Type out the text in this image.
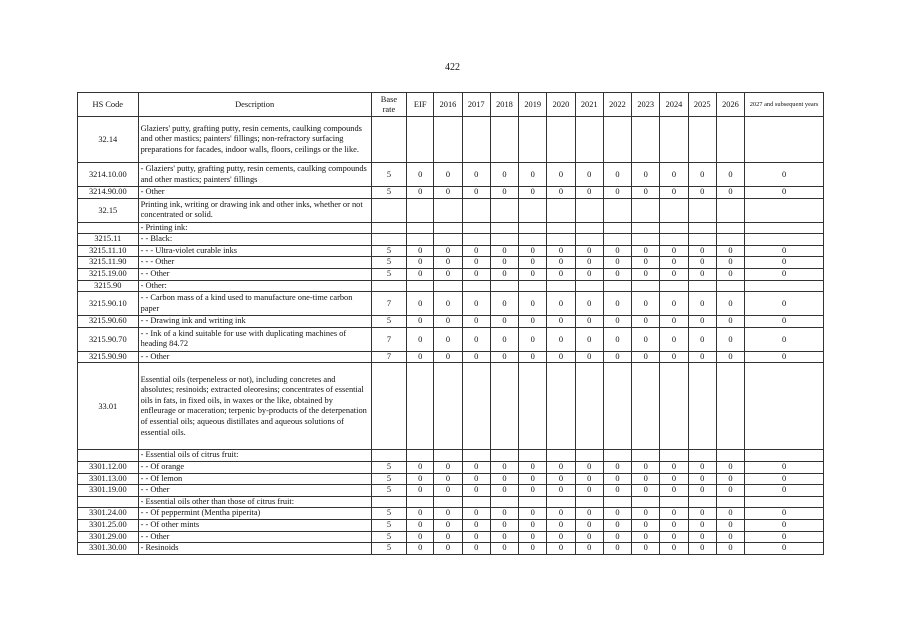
422
HS Code	Description	Base rate	EIF	2016	2017	2018	2019	2020	2021	2022	2023	2024	2025	2026	2027 and subsequent years
32.14	Glaziers' putty, grafting putty, resin cements, caulking compounds and other mastics; painters' fillings; non-refractory surfacing preparations for facades, indoor walls, floors, ceilings or the like.														
3214.10.00	- Glaziers' putty, grafting putty, resin cements, caulking compounds and other mastics; painters' fillings	5	0	0	0	0	0	0	0	0	0	0	0	0	0
3214.90.00	- Other	5	0	0	0	0	0	0	0	0	0	0	0	0	0
32.15	Printing ink, writing or drawing ink and other inks, whether or not concentrated or solid.														
	- Printing ink:														
3215.11	- - Black:														
3215.11.10	- - - Ultra-violet curable inks	5	0	0	0	0	0	0	0	0	0	0	0	0	0
3215.11.90	- - - Other	5	0	0	0	0	0	0	0	0	0	0	0	0	0
3215.19.00	- - Other	5	0	0	0	0	0	0	0	0	0	0	0	0	0
3215.90	- Other:														
3215.90.10	- - Carbon mass of a kind used to manufacture one-time carbon paper	7	0	0	0	0	0	0	0	0	0	0	0	0	0
3215.90.60	- - Drawing ink and writing ink	5	0	0	0	0	0	0	0	0	0	0	0	0	0
3215.90.70	- - Ink of a kind suitable for use with duplicating machines of heading 84.72	7	0	0	0	0	0	0	0	0	0	0	0	0	0
3215.90.90	- - Other	7	0	0	0	0	0	0	0	0	0	0	0	0	0
33.01	Essential oils (terpeneless or not), including concretes and absolutes; resinoids; extracted oleoresins; concentrates of essential oils in fats, in fixed oils, in waxes or the like, obtained by enfleurage or maceration; terpenic by-products of the deterpenation of essential oils; aqueous distillates and aqueous solutions of essential oils.														
	- Essential oils of citrus fruit:														
3301.12.00	- - Of orange	5	0	0	0	0	0	0	0	0	0	0	0	0	0
3301.13.00	- - Of lemon	5	0	0	0	0	0	0	0	0	0	0	0	0	0
3301.19.00	- - Other	5	0	0	0	0	0	0	0	0	0	0	0	0	0
	- Essential oils other than those of citrus fruit:														
3301.24.00	- - Of peppermint (Mentha piperita)	5	0	0	0	0	0	0	0	0	0	0	0	0	0
3301.25.00	- - Of other mints	5	0	0	0	0	0	0	0	0	0	0	0	0	0
3301.29.00	- - Other	5	0	0	0	0	0	0	0	0	0	0	0	0	0
3301.30.00	- Resinoids	5	0	0	0	0	0	0	0	0	0	0	0	0	0
